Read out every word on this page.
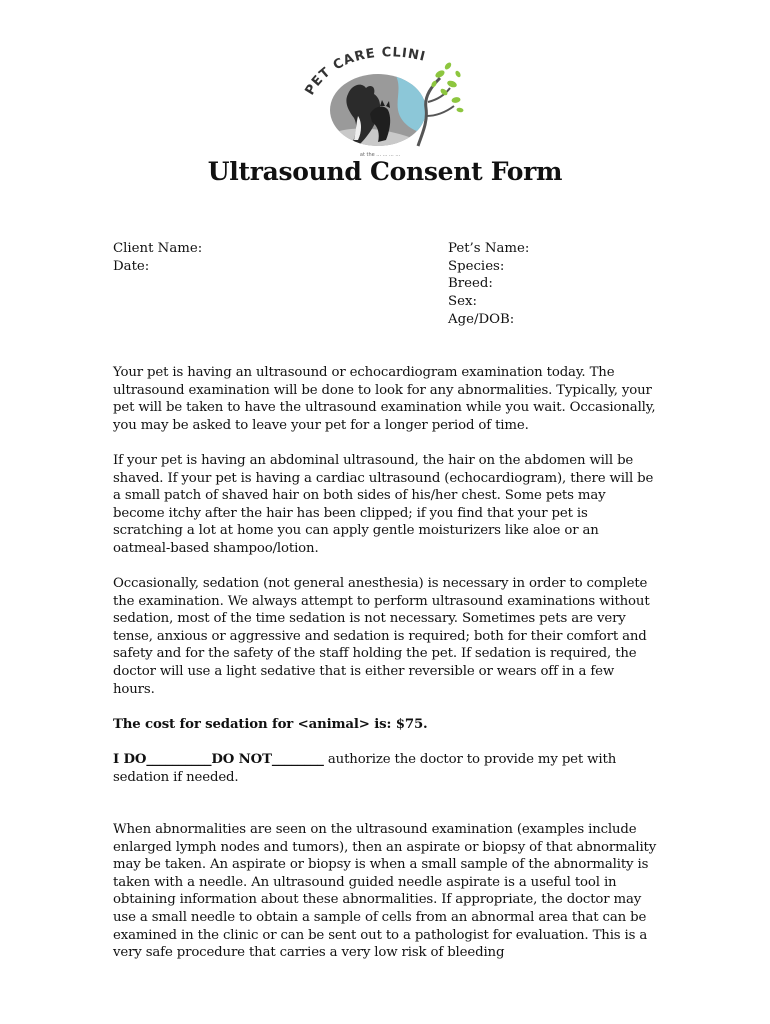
PET CARE CLINI
at the ... ... ... ...
Ultrasound Consent Form

Client Name:

Date:

Pet’s Name:

Species:

Breed:

Sex:

Age/DOB:

Your pet is having an ultrasound or echocardiogram examination today. The ultrasound examination will be done to look for any abnormalities. Typically, your pet will be taken to have the ultrasound examination while you wait. Occasionally, you may be asked to leave your pet for a longer period of time.

If your pet is having an abdominal ultrasound, the hair on the abdomen will be shaved. If your pet is having a cardiac ultrasound (echocardiogram), there will be a small patch of shaved hair on both sides of his/her chest. Some pets may become itchy after the hair has been clipped; if you find that your pet is scratching a lot at home you can apply gentle moisturizers like aloe or an oatmeal-based shampoo/lotion.

Occasionally, sedation (not general anesthesia) is necessary in order to complete the examination. We always attempt to perform ultrasound examinations without sedation, most of the time sedation is not necessary. Sometimes pets are very tense, anxious or aggressive and sedation is required; both for their comfort and safety and for the safety of the staff holding the pet. If sedation is required, the doctor will use a light sedative that is either reversible or wears off in a few hours.

The cost for sedation for <animal> is: $75.

I DO__________DO NOT________ authorize the doctor to provide my pet with sedation if needed.

When abnormalities are seen on the ultrasound examination (examples include enlarged lymph nodes and tumors), then an aspirate or biopsy of that abnormality may be taken. An aspirate or biopsy is when a small sample of the abnormality is taken with a needle. An ultrasound guided needle aspirate is a useful tool in obtaining information about these abnormalities. If appropriate, the doctor may use a small needle to obtain a sample of cells from an abnormal area that can be examined in the clinic or can be sent out to a pathologist for evaluation. This is a very safe procedure that carries a very low risk of bleeding
